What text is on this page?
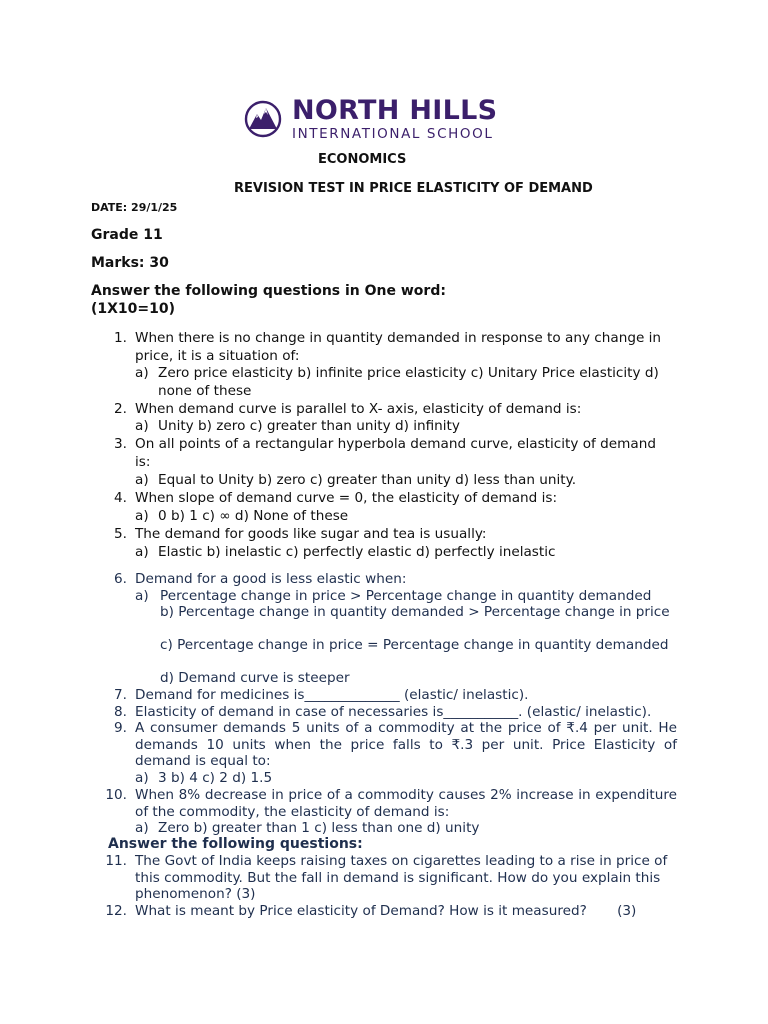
NORTH HILLS
INTERNATIONAL SCHOOL
ECONOMICS
REVISION TEST IN PRICE ELASTICITY OF DEMAND
DATE: 29/1/25
Grade 11
Marks: 30
Answer the following questions in One word:
(1X10=10)
1. When there is no change in quantity demanded in response to any change in
price, it is a situation of:
a) Zero price elasticity b) infinite price elasticity c) Unitary Price elasticity d)
none of these
2. When demand curve is parallel to X- axis, elasticity of demand is:
a) Unity b) zero c) greater than unity d) infinity
3. On all points of a rectangular hyperbola demand curve, elasticity of demand
is:
a) Equal to Unity b) zero c) greater than unity d) less than unity.
4. When slope of demand curve = 0, the elasticity of demand is:
a) 0 b) 1 c) ∞ d) None of these
5. The demand for goods like sugar and tea is usually:
a) Elastic b) inelastic c) perfectly elastic d) perfectly inelastic
6. Demand for a good is less elastic when:
a) Percentage change in price > Percentage change in quantity demanded
b) Percentage change in quantity demanded > Percentage change in price
c) Percentage change in price = Percentage change in quantity demanded
d) Demand curve is steeper
7. Demand for medicines is______________ (elastic/ inelastic).
8. Elasticity of demand in case of necessaries is___________. (elastic/ inelastic).
9. A consumer demands 5 units of a commodity at the price of ₹.4 per unit. He demands 10 units when the price falls to ₹.3 per unit. Price Elasticity of demand is equal to:
a) 3 b) 4 c) 2 d) 1.5
10. When 8% decrease in price of a commodity causes 2% increase in expenditure of the commodity, the elasticity of demand is:
a) Zero b) greater than 1 c) less than one d) unity
Answer the following questions:
11. The Govt of India keeps raising taxes on cigarettes leading to a rise in price of this commodity. But the fall in demand is significant. How do you explain this phenomenon? (3)
12. What is meant by Price elasticity of Demand? How is it measured?       (3)
